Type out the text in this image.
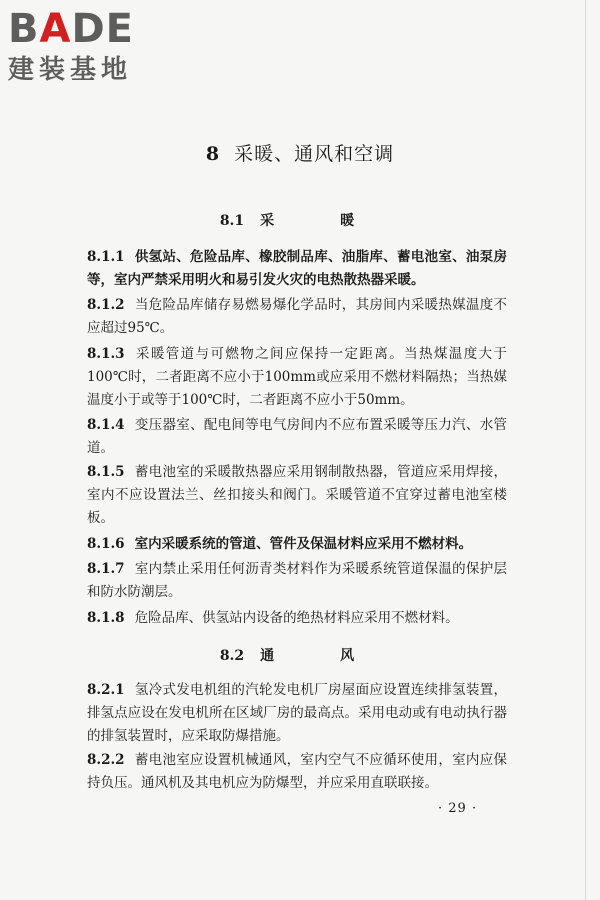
BADE
建装基地
8 采暖、通风和空调
8.1 采　暖
8.1.1 供氢站、危险品库、橡胶制品库、油脂库、蓄电池室、油泵房等，室内严禁采用明火和易引发火灾的电热散热器采暖。
8.1.2 当危险品库储存易燃易爆化学品时，其房间内采暖热媒温度不应超过95℃。
8.1.3 采暖管道与可燃物之间应保持一定距离。当热煤温度大于100℃时，二者距离不应小于100mm或应采用不燃材料隔热；当热媒温度小于或等于100℃时，二者距离不应小于50mm。
8.1.4 变压器室、配电间等电气房间内不应布置采暖等压力汽、水管道。
8.1.5 蓄电池室的采暖散热器应采用钢制散热器，管道应采用焊接，室内不应设置法兰、丝扣接头和阀门。采暖管道不宜穿过蓄电池室楼板。
8.1.6 室内采暖系统的管道、管件及保温材料应采用不燃材料。
8.1.7 室内禁止采用任何沥青类材料作为采暖系统管道保温的保护层和防水防潮层。
8.1.8 危险品库、供氢站内设备的绝热材料应采用不燃材料。
8.2 通　风
8.2.1 氢冷式发电机组的汽轮发电机厂房屋面应设置连续排氢装置，排氢点应设在发电机所在区域厂房的最高点。采用电动或有电动执行器的排氢装置时，应采取防爆措施。
8.2.2 蓄电池室应设置机械通风，室内空气不应循环使用，室内应保持负压。通风机及其电机应为防爆型，并应采用直联联接。
· 29 ·
